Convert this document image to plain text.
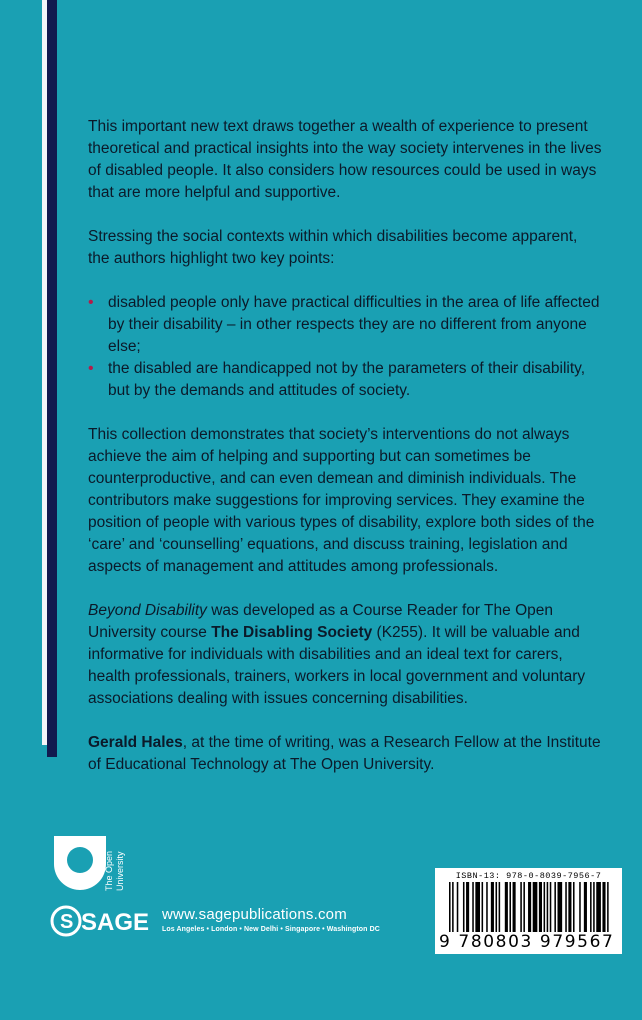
This important new text draws together a wealth of experience to present theoretical and practical insights into the way society intervenes in the lives of disabled people. It also considers how resources could be used in ways that are more helpful and supportive.

Stressing the social contexts within which disabilities become apparent, the authors highlight two key points:

• disabled people only have practical difficulties in the area of life affected by their disability – in other respects they are no different from anyone else;
• the disabled are handicapped not by the parameters of their disability, but by the demands and attitudes of society.

This collection demonstrates that society’s interventions do not always achieve the aim of helping and supporting but can sometimes be counterproductive, and can even demean and diminish individuals. The contributors make suggestions for improving services. They examine the position of people with various types of disability, explore both sides of the ‘care’ and ‘counselling’ equations, and discuss training, legislation and aspects of management and attitudes among professionals.

Beyond Disability was developed as a Course Reader for The Open University course The Disabling Society (K255). It will be valuable and informative for individuals with disabilities and an ideal text for carers, health professionals, trainers, workers in local government and voluntary associations dealing with issues concerning disabilities.

Gerald Hales, at the time of writing, was a Research Fellow at the Institute of Educational Technology at The Open University.

The Open University
S SAGE www.sagepublications.com
Los Angeles • London • New Delhi • Singapore • Washington DC
ISBN-13: 978-0-8039-7956-7
9 780803 979567
